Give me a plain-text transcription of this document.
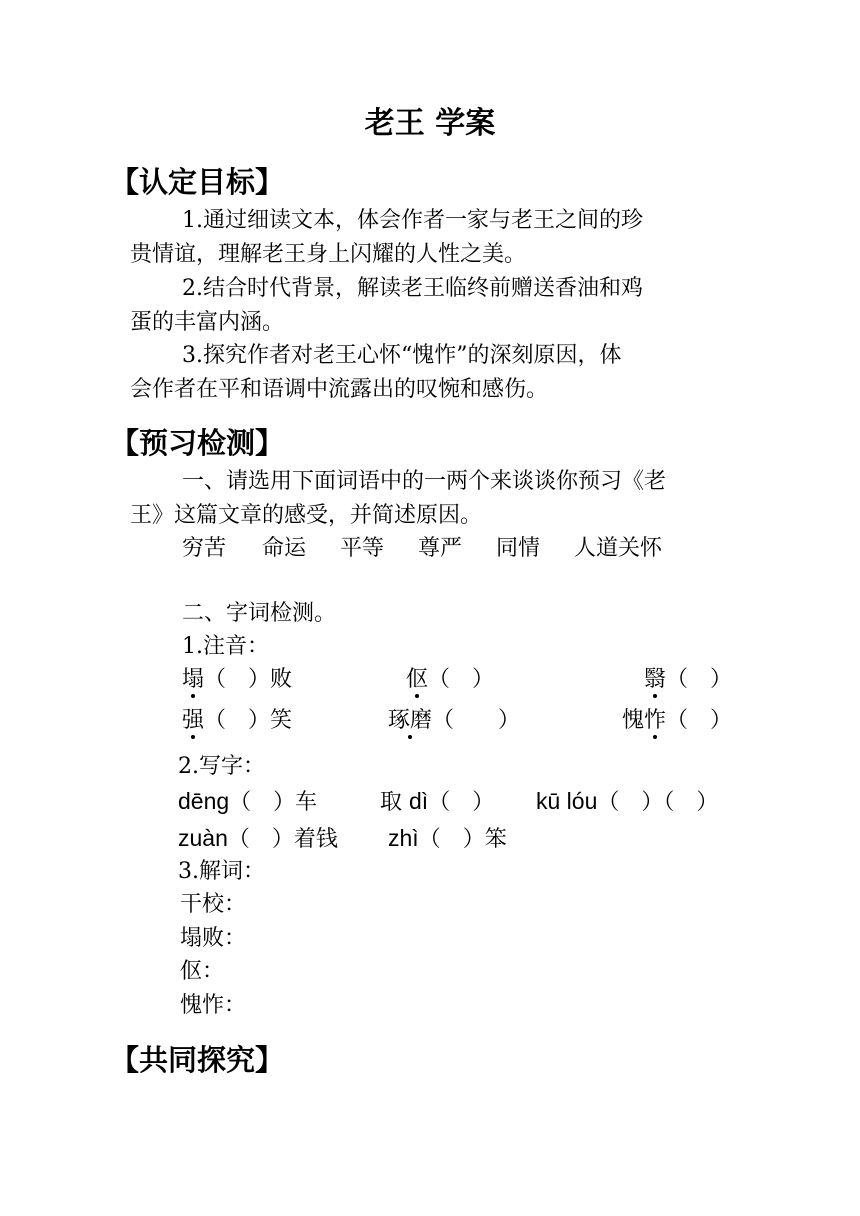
老王 学案
【认定目标】
1.通过细读文本，体会作者一家与老王之间的珍
贵情谊，理解老王身上闪耀的人性之美。
2.结合时代背景，解读老王临终前赠送香油和鸡
蛋的丰富内涵。
3.探究作者对老王心怀“愧怍”的深刻原因，体
会作者在平和语调中流露出的叹惋和感伤。
【预习检测】
一、请选用下面词语中的一两个来谈谈你预习《老
王》这篇文章的感受，并简述原因。
穷苦 命运 平等 尊严 同情 人道关怀
二、字词检测。
1.注音：
塌（　）败	伛（　）	翳（　）
强（　）笑	琢磨（　　）	愧怍（　）
2.写字：
dēng（　）车	取 dì（　） kū lóu（　）（　）
zuàn（　）着钱 zhì（　）笨
3.解词：
干校：
塌败：
伛：
愧怍：
【共同探究】
